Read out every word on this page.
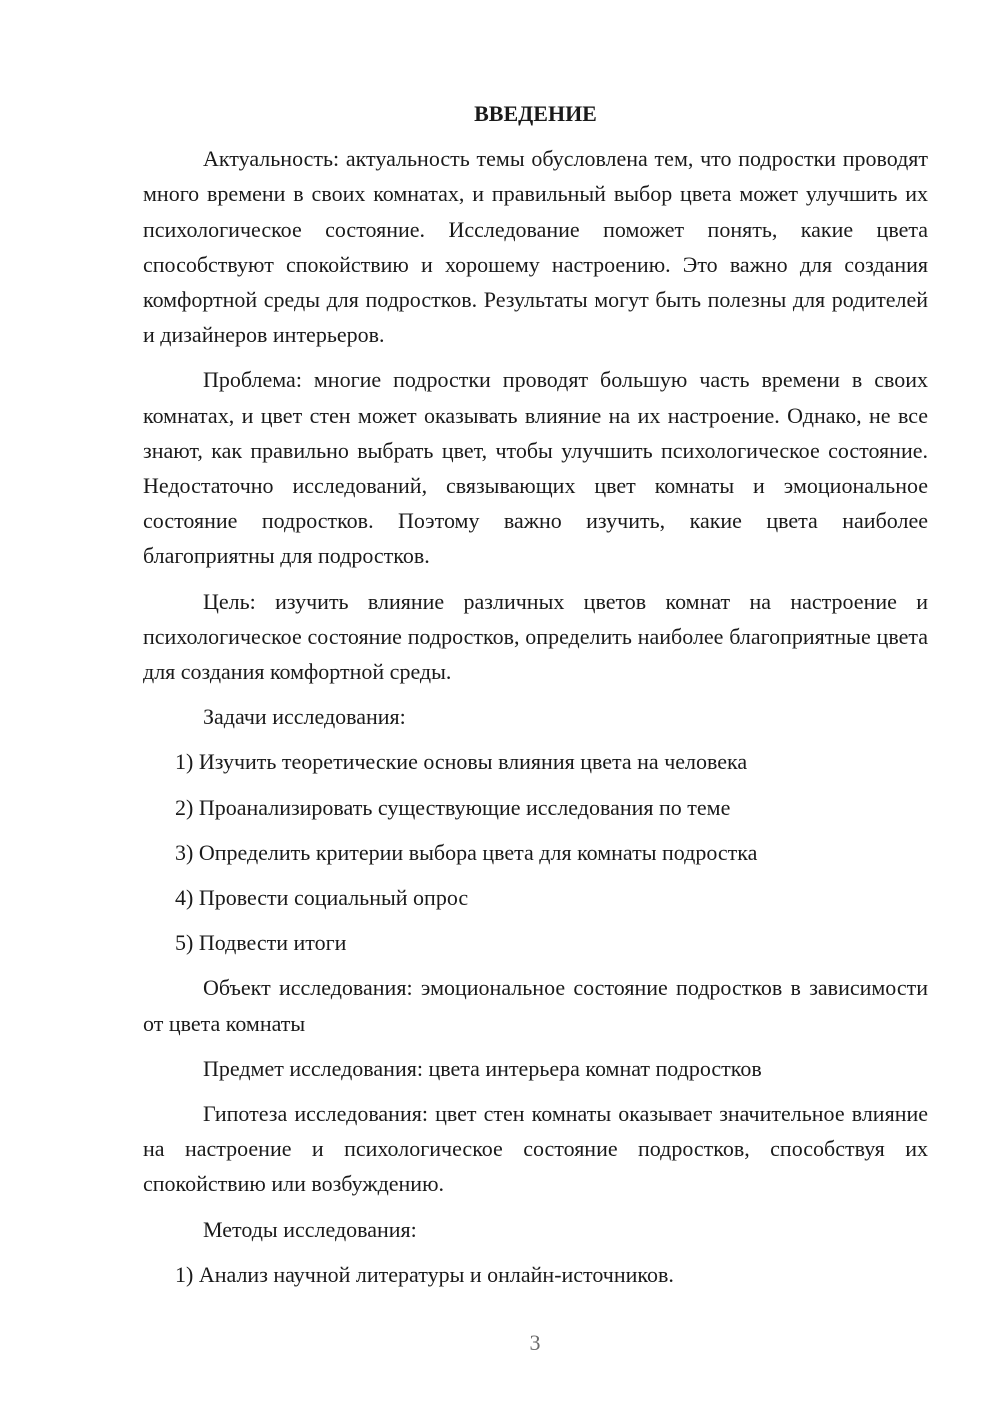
ВВЕДЕНИЕ

Актуальность: актуальность темы обусловлена тем, что подростки проводят много времени в своих комнатах, и правильный выбор цвета может улучшить их психологическое состояние. Исследование поможет понять, какие цвета способствуют спокойствию и хорошему настроению. Это важно для создания комфортной среды для подростков. Результаты могут быть полезны для родителей и дизайнеров интерьеров.

Проблема: многие подростки проводят большую часть времени в своих комнатах, и цвет стен может оказывать влияние на их настроение. Однако, не все знают, как правильно выбрать цвет, чтобы улучшить психологическое состояние. Недостаточно исследований, связывающих цвет комнаты и эмоциональное состояние подростков. Поэтому важно изучить, какие цвета наиболее благоприятны для подростков.

Цель: изучить влияние различных цветов комнат на настроение и психологическое состояние подростков, определить наиболее благоприятные цвета для создания комфортной среды.

Задачи исследования:

1) Изучить теоретические основы влияния цвета на человека
2) Проанализировать существующие исследования по теме
3) Определить критерии выбора цвета для комнаты подростка
4) Провести социальный опрос
5) Подвести итоги

Объект исследования: эмоциональное состояние подростков в зависимости от цвета комнаты

Предмет исследования: цвета интерьера комнат подростков

Гипотеза исследования: цвет стен комнаты оказывает значительное влияние на настроение и психологическое состояние подростков, способствуя их спокойствию или возбуждению.

Методы исследования:

1) Анализ научной литературы и онлайн-источников.
3
